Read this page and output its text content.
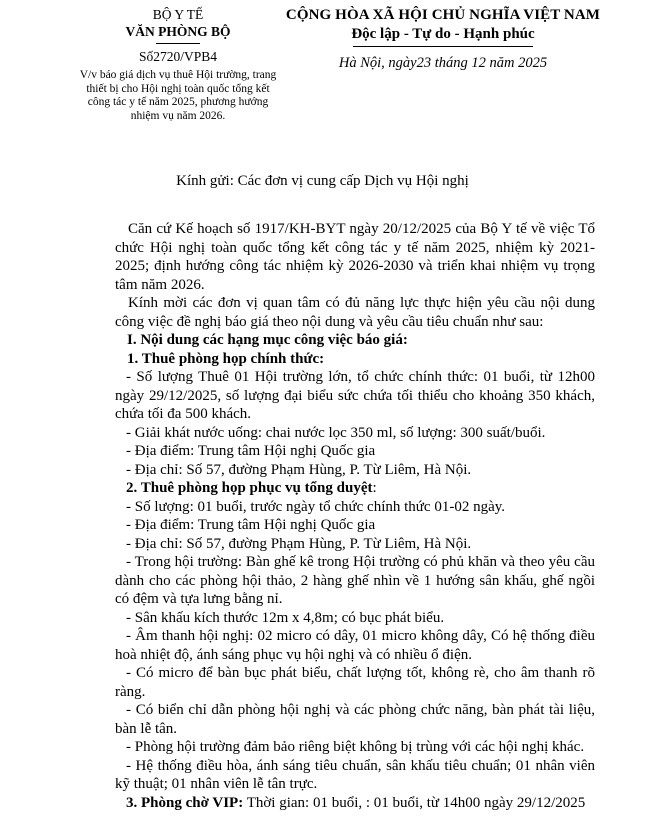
BỘ Y TẾ
VĂN PHÒNG BỘ
Số2720/VPB4
V/v báo giá dịch vụ thuê Hội trường, trang thiết bị cho Hội nghị toàn quốc tổng kết công tác y tế năm 2025, phương hướng nhiệm vụ năm 2026.
CỘNG HÒA XÃ HỘI CHỦ NGHĨA VIỆT NAM
Độc lập - Tự do - Hạnh phúc
Hà Nội, ngày23 tháng 12 năm 2025
Kính gửi: Các đơn vị cung cấp Dịch vụ Hội nghị

Căn cứ Kế hoạch số 1917/KH-BYT ngày 20/12/2025 của Bộ Y tế về việc Tổ chức Hội nghị toàn quốc tổng kết công tác y tế năm 2025, nhiệm kỳ 2021-2025; định hướng công tác nhiệm kỳ 2026-2030 và triển khai nhiệm vụ trọng tâm năm 2026.

Kính mời các đơn vị quan tâm có đủ năng lực thực hiện yêu cầu nội dung công việc đề nghị báo giá theo nội dung và yêu cầu tiêu chuẩn như sau:

I. Nội dung các hạng mục công việc báo giá:

1. Thuê phòng họp chính thức:

- Số lượng Thuê 01 Hội trường lớn, tổ chức chính thức: 01 buổi, từ 12h00 ngày 29/12/2025, số lượng đại biểu sức chứa tối thiểu cho khoảng 350 khách, chứa tối đa 500 khách.

- Giải khát nước uống: chai nước lọc 350 ml, số lượng: 300 suất/buổi.

- Địa điểm: Trung tâm Hội nghị Quốc gia

- Địa chỉ: Số 57, đường Phạm Hùng, P. Từ Liêm, Hà Nội.

2. Thuê phòng họp phục vụ tổng duyệt:

- Số lượng: 01 buổi, trước ngày tổ chức chính thức 01-02 ngày.

- Địa điểm: Trung tâm Hội nghị Quốc gia

- Địa chỉ: Số 57, đường Phạm Hùng, P. Từ Liêm, Hà Nội.

- Trong hội trường: Bàn ghế kê trong Hội trường có phủ khăn và theo yêu cầu dành cho các phòng hội thảo, 2 hàng ghế nhìn về 1 hướng sân khấu, ghế ngồi có đệm và tựa lưng bằng nỉ.

- Sân khấu kích thước 12m x 4,8m; có bục phát biểu.

- Âm thanh hội nghị: 02 micro có dây, 01 micro không dây, Có hệ thống điều hoà nhiệt độ, ánh sáng phục vụ hội nghị và có nhiều ổ điện.

- Có micro để bàn bục phát biểu, chất lượng tốt, không rè, cho âm thanh rõ ràng.

- Có biển chỉ dẫn phòng hội nghị và các phòng chức năng, bàn phát tài liệu, bàn lễ tân.

- Phòng hội trường đảm bảo riêng biệt không bị trùng với các hội nghị khác.

- Hệ thống điều hòa, ánh sáng tiêu chuẩn, sân khấu tiêu chuẩn; 01 nhân viên kỹ thuật; 01 nhân viên lễ tân trực.

3. Phòng chờ VIP: Thời gian: 01 buổi, : 01 buổi, từ 14h00 ngày 29/12/2025
